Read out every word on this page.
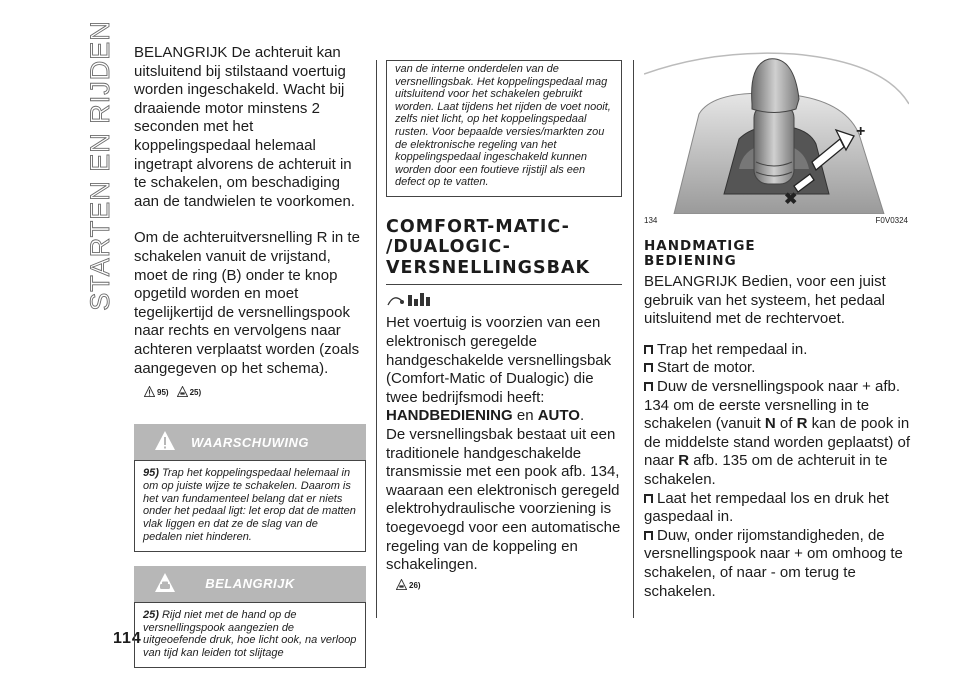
STARTEN EN RIJDEN
114

BELANGRIJK De achteruit kan uitsluitend bij stilstaand voertuig worden ingeschakeld. Wacht bij draaiende motor minstens 2 seconden met het koppelingspedaal helemaal ingetrapt alvorens de achteruit in te schakelen, om beschadiging aan de tandwielen te voorkomen.

Om de achteruitversnelling R in te schakelen vanuit de vrijstand, moet de ring (B) onder te knop opgetild worden en moet tegelijkertijd de versnellingspook naar rechts en vervolgens naar achteren verplaatst worden (zoals aangegeven op het schema).

95)	25)
WAARSCHUWING
95) Trap het koppelingspedaal helemaal in om op juiste wijze te schakelen. Daarom is het van fundamenteel belang dat er niets onder het pedaal ligt: let erop dat de matten vlak liggen en dat ze de slag van de pedalen niet hinderen.
BELANGRIJK
25) Rijd niet met de hand op de versnellingspook aangezien de uitgeoefende druk, hoe licht ook, na verloop van tijd kan leiden tot slijtage
van de interne onderdelen van de versnellingsbak. Het koppelingspedaal mag uitsluitend voor het schakelen gebruikt worden. Laat tijdens het rijden de voet nooit, zelfs niet licht, op het koppelingspedaal rusten. Voor bepaalde versies/markten zou de elektronische regeling van het koppelingspedaal ingeschakeld kunnen worden door een foutieve rijstijl als een defect op te vatten.

COMFORT-MATIC-

/DUALOGIC-

VERSNELLINGSBAK

Het voertuig is voorzien van een elektronisch geregelde handgeschakelde versnellingsbak (Comfort-Matic of Dualogic) die twee bedrijfsmodi heeft: HANDBEDIENING en AUTO.

De versnellingsbak bestaat uit een traditionele handgeschakelde transmissie met een pook afb. 134, waaraan een elektronisch geregeld elektrohydraulische voorziening is toegevoegd voor een automatische regeling van de koppeling en schakelingen.

26)
+
✖
134	F0V0324

HANDMATIGE

BEDIENING

BELANGRIJK Bedien, voor een juist gebruik van het systeem, het pedaal uitsluitend met de rechtervoet.

Trap het rempedaal in.
Start de motor.
Duw de versnellingspook naar + afb. 134 om de eerste versnelling in te schakelen (vanuit N of R kan de pook in de middelste stand worden geplaatst) of naar R afb. 135 om de achteruit in te schakelen.
Laat het rempedaal los en druk het gaspedaal in.
Duw, onder rijomstandigheden, de versnellingspook naar + om omhoog te schakelen, of naar - om terug te schakelen.
